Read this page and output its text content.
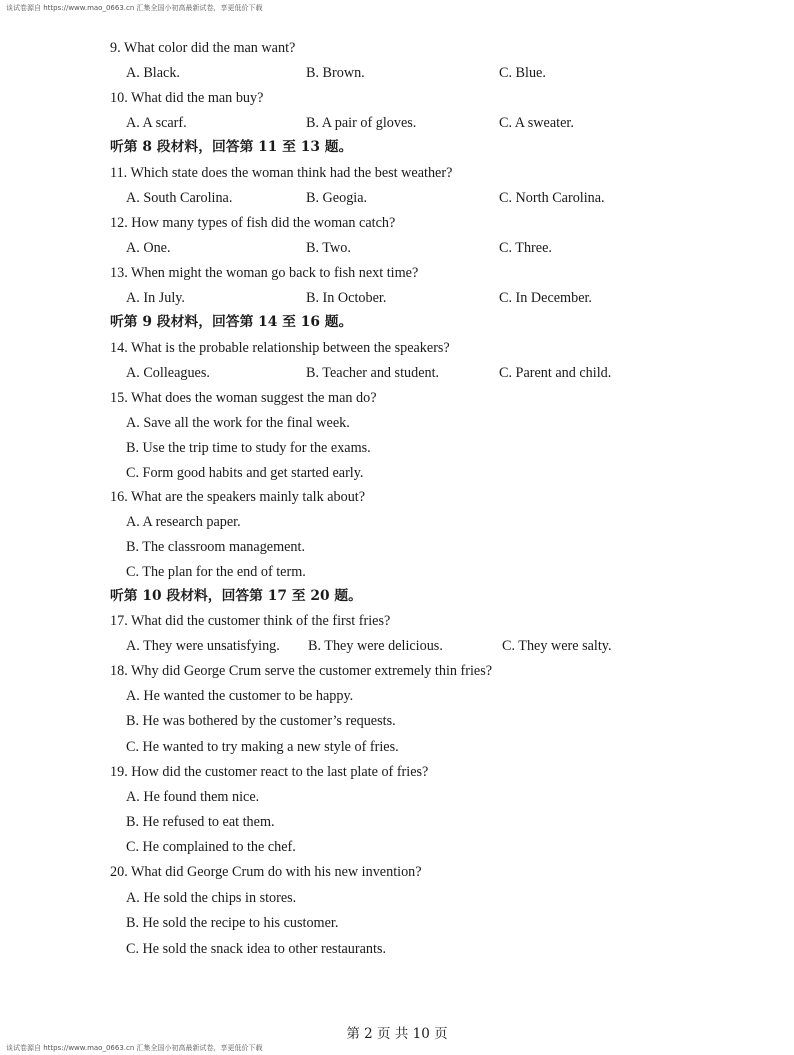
谈试卷源自 https://www.mao_0663.cn 汇集全国小初高最新试卷，享更低价下载
9. What color did the man want?
A. Black.	B. Brown.	C. Blue.
10. What did the man buy?
A. A scarf.	B. A pair of gloves.	C. A sweater.
听第 8 段材料，回答第 11 至 13 题。
11. Which state does the woman think had the best weather?
A. South Carolina.	B. Geogia.	C. North Carolina.
12. How many types of fish did the woman catch?
A. One.	B. Two.	C. Three.
13. When might the woman go back to fish next time?
A. In July.	B. In October.	C. In December.
听第 9 段材料，回答第 14 至 16 题。
14. What is the probable relationship between the speakers?
A. Colleagues.	B. Teacher and student.	C. Parent and child.
15. What does the woman suggest the man do?
A. Save all the work for the final week.
B. Use the trip time to study for the exams.
C. Form good habits and get started early.
16. What are the speakers mainly talk about?
A. A research paper.
B. The classroom management.
C. The plan for the end of term.
听第 10 段材料，回答第 17 至 20 题。
17. What did the customer think of the first fries?
A. They were unsatisfying. B. They were delicious.	C. They were salty.
18. Why did George Crum serve the customer extremely thin fries?
A. He wanted the customer to be happy.
B. He was bothered by the customer’s requests.
C. He wanted to try making a new style of fries.
19. How did the customer react to the last plate of fries?
A. He found them nice.
B. He refused to eat them.
C. He complained to the chef.
20. What did George Crum do with his new invention?
A. He sold the chips in stores.
B. He sold the recipe to his customer.
C. He sold the snack idea to other restaurants.
第 2 页 共 10 页
谈试卷源自 https://www.mao_0663.cn 汇集全国小初高最新试卷，享更低价下载
